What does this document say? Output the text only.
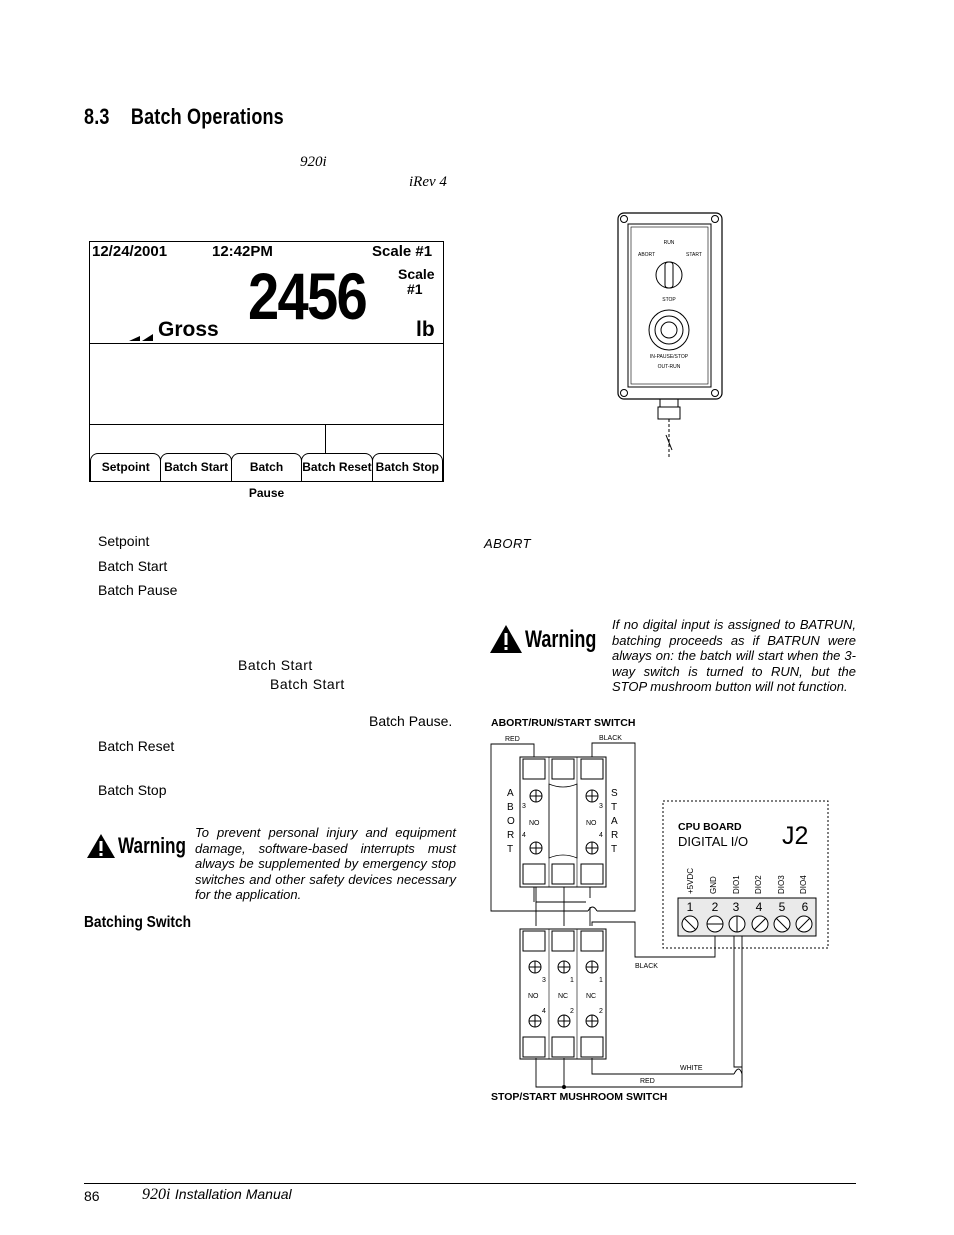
8.3 Batch Operations
920i
iRev 4
12/24/2001	12:42PM	Scale #1
2456 Scale
#1
Gross	lb
Setpoint	Batch Start	Batch Pause
Batch Reset Batch Stop
Setpoint
Batch Start
Batch Pause
Batch Start
Batch Start
Batch Pause.
Batch Reset
Batch Stop
Warning
To prevent personal injury and equipment damage, software-based interrupts must always be supplemented by emergency stop switches and other safety devices necessary for the application.
Batching Switch
RUN
ABORT	START
STOP
IN-PAUSE/STOP
OUT-RUN
ABORT
Warning
If no digital input is assigned to BATRUN, batching proceeds as if BATRUN were always on: the batch will start when the 3-way switch is turned to RUN, but the STOP mushroom button will not function.
ABORT/RUN/START SWITCH
RED	BLACK
3
4
3
4
NO	NO
A
B
O
R
T
S
T
A
R
T
BLACK
WHITE
RED
3
4
1
2
1
2
NO	NC	NC
STOP/START MUSHROOM SWITCH
CPU BOARD
DIGITAL I/O J2
+5VDC GND DIO1 DIO2 DIO3 DIO4
1 2 3 4 5 6
86	920i Installation Manual
